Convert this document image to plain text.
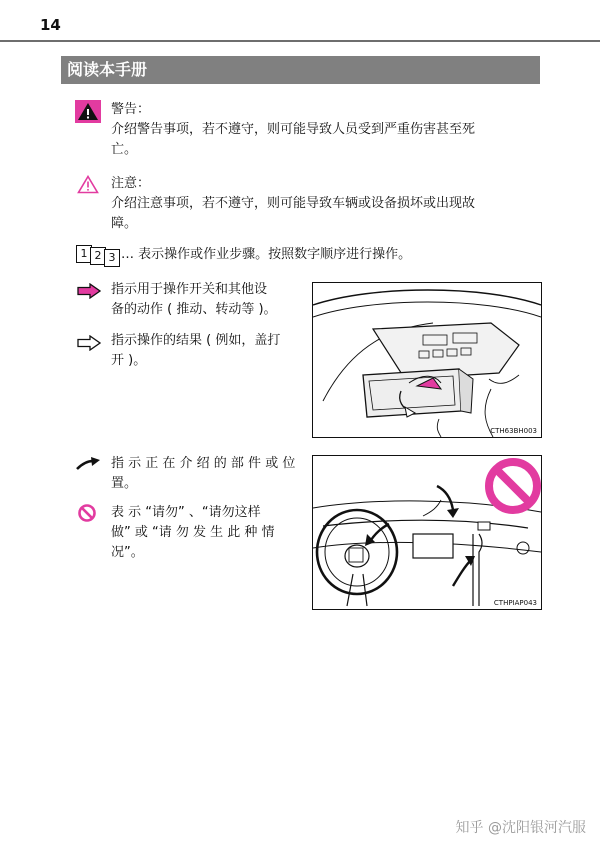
14
阅读本手册
警告：
介绍警告事项，若不遵守，则可能导致人员受到严重伤害甚至死
亡。
注意：
介绍注意事项，若不遵守，则可能导致车辆或设备损坏或出现故
障。
1 2 3 … 表示操作或作业步骤。按照数字顺序进行操作。
指示用于操作开关和其他设
备的动作 ( 推动、转动等 )。
指示操作的结果 ( 例如，盖打
开 )。
CTH63BH003
指 示 正 在 介 绍 的 部 件 或 位
置。
表 示 “请勿” 、“请勿这样
做” 或 “请 勿 发 生 此 种 情
况”。
CTHPIAP043
知乎 @沈阳银河汽服
